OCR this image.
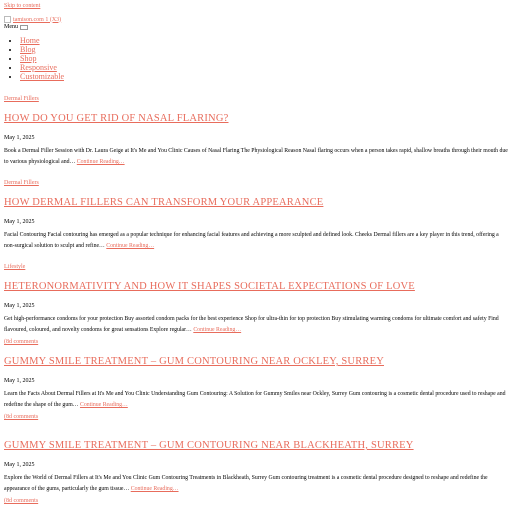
Skip to content
tamison.com 1 (X3)
Menu
• Home
• Blog
• Shop
• Responsive
• Customizable
Dermal Fillers
HOW DO YOU GET RID OF NASAL FLARING?
May 1, 2025

Book a Dermal Filler Session with Dr. Laura Geige at It's Me and You Clinic Causes of Nasal Flaring The Physiological Reason Nasal flaring occurs when a person takes rapid, shallow breaths through their mouth due to various physiological and… Continue Reading…

Dermal Fillers
HOW DERMAL FILLERS CAN TRANSFORM YOUR APPEARANCE
May 1, 2025

Facial Contouring Facial contouring has emerged as a popular technique for enhancing facial features and achieving a more sculpted and defined look. Cheeks Dermal fillers are a key player in this trend, offering a non-surgical solution to sculpt and refine… Continue Reading…

Lifestyle
HETERONORMATIVITY AND HOW IT SHAPES SOCIETAL EXPECTATIONS OF LOVE
May 1, 2025

Get high-performance condoms for your protection Buy assorted condom packs for the best experience Shop for ultra-thin for top protection Buy stimulating warming condoms for ultimate comfort and safety Find flavoured, coloured, and novelty condoms for great sensations Explore regular… Continue Reading…

(8d comments
GUMMY SMILE TREATMENT – GUM CONTOURING NEAR OCKLEY, SURREY
May 1, 2025

Learn the Facts About Dermal Fillers at It's Me and You Clinic Understanding Gum Contouring: A Solution for Gummy Smiles near Ockley, Surrey Gum contouring is a cosmetic dental procedure used to reshape and redefine the shape of the gum… Continue Reading…

(8d comments
GUMMY SMILE TREATMENT – GUM CONTOURING NEAR BLACKHEATH, SURREY
May 1, 2025

Explore the World of Dermal Fillers at It's Me and You Clinic Gum Contouring Treatments in Blackheath, Surrey Gum contouring treatment is a cosmetic dental procedure designed to reshape and redefine the appearance of the gums, particularly the gum tissue… Continue Reading…

(8d comments
